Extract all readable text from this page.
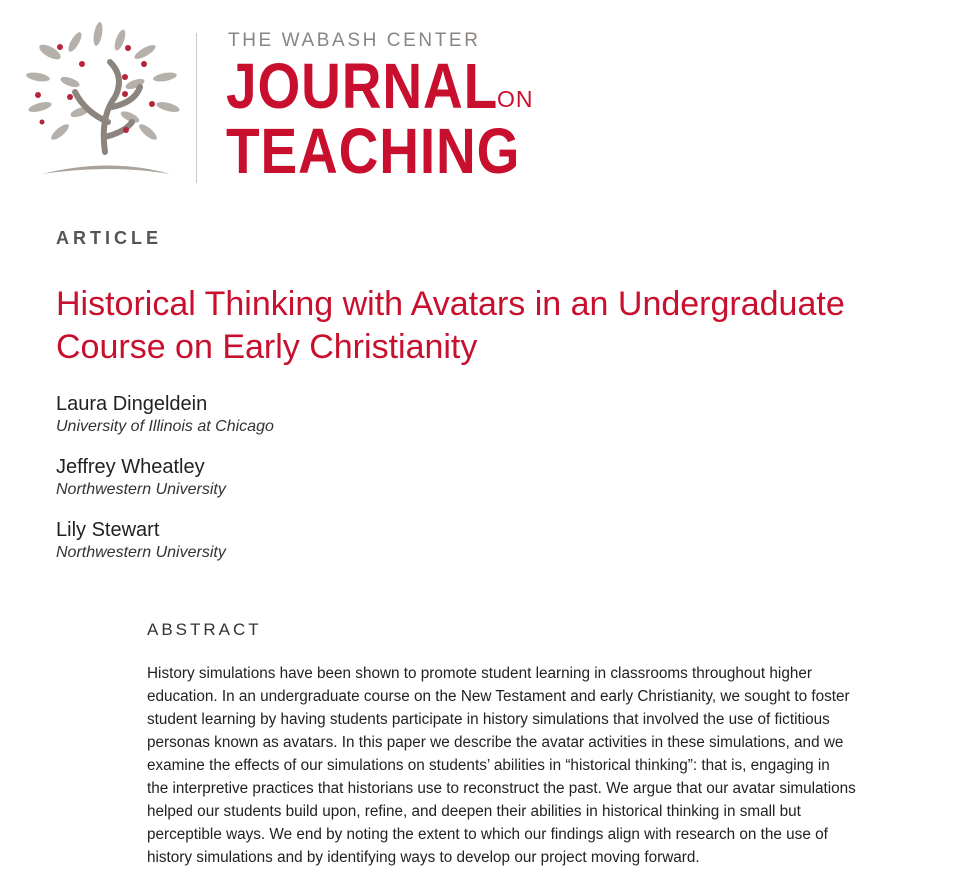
THE WABASH CENTER
JOURNAL
ON
TEACHING
ARTICLE
Historical Thinking with Avatars in an Undergraduate
Course on Early Christianity
Laura Dingeldein
University of Illinois at Chicago
Jeffrey Wheatley
Northwestern University
Lily Stewart
Northwestern University
ABSTRACT
History simulations have been shown to promote student learning in classrooms throughout higher
education. In an undergraduate course on the New Testament and early Christianity, we sought to foster
student learning by having students participate in history simulations that involved the use of fictitious
personas known as avatars. In this paper we describe the avatar activities in these simulations, and we
examine the effects of our simulations on students’ abilities in “historical thinking”: that is, engaging in
the interpretive practices that historians use to reconstruct the past. We argue that our avatar simulations
helped our students build upon, refine, and deepen their abilities in historical thinking in small but
perceptible ways. We end by noting the extent to which our findings align with research on the use of
history simulations and by identifying ways to develop our project moving forward.
